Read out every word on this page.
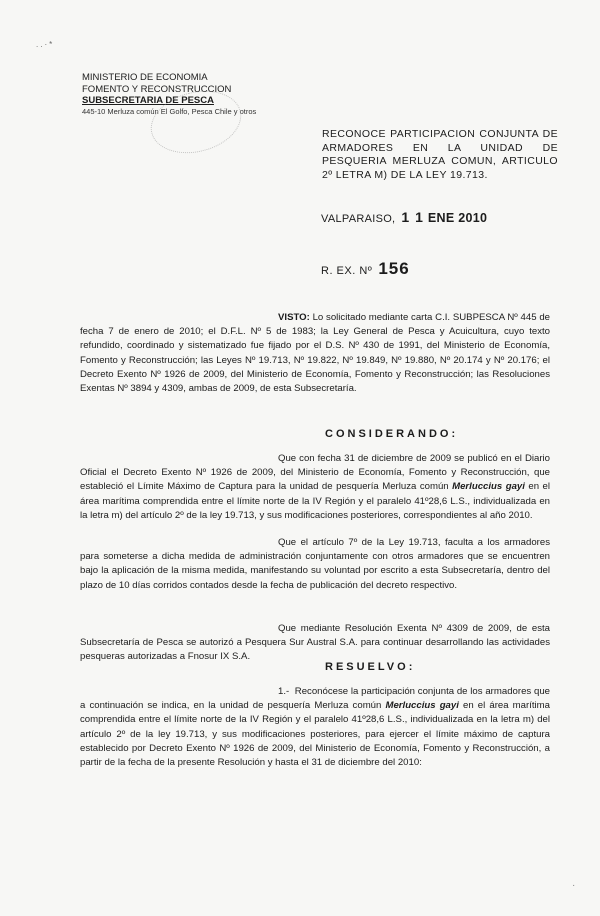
..·*
MINISTERIO DE ECONOMIA
FOMENTO Y RECONSTRUCCION
SUBSECRETARIA DE PESCA
445-10 Merluza común El Golfo, Pesca Chile y otros
RECONOCE PARTICIPACION CONJUNTA DE ARMADORES EN LA UNIDAD DE PESQUERIA MERLUZA COMUN, ARTICULO 2º LETRA M) DE LA LEY 19.713.
VALPARAISO, 1 1 ENE 2010
R. EX. Nº 156
VISTO: Lo solicitado mediante carta C.I. SUBPESCA Nº 445 de fecha 7 de enero de 2010; el D.F.L. Nº 5 de 1983; la Ley General de Pesca y Acuicultura, cuyo texto refundido, coordinado y sistematizado fue fijado por el D.S. Nº 430 de 1991, del Ministerio de Economía, Fomento y Reconstrucción; las Leyes Nº 19.713, Nº 19.822, Nº 19.849, Nº 19.880, Nº 20.174 y Nº 20.176; el Decreto Exento Nº 1926 de 2009, del Ministerio de Economía, Fomento y Reconstrucción; las Resoluciones Exentas Nº 3894 y 4309, ambas de 2009, de esta Subsecretaría.
CONSIDERANDO:
Que con fecha 31 de diciembre de 2009 se publicó en el Diario Oficial el Decreto Exento Nº 1926 de 2009, del Ministerio de Economía, Fomento y Reconstrucción, que estableció el Límite Máximo de Captura para la unidad de pesquería Merluza común Merluccius gayi en el área marítima comprendida entre el límite norte de la IV Región y el paralelo 41º28,6 L.S., individualizada en la letra m) del artículo 2º de la ley 19.713, y sus modificaciones posteriores, correspondientes al año 2010.
Que el artículo 7º de la Ley 19.713, faculta a los armadores para someterse a dicha medida de administración conjuntamente con otros armadores que se encuentren bajo la aplicación de la misma medida, manifestando su voluntad por escrito a esta Subsecretaría, dentro del plazo de 10 días corridos contados desde la fecha de publicación del decreto respectivo.
Que mediante Resolución Exenta Nº 4309 de 2009, de esta Subsecretaría de Pesca se autorizó a Pesquera Sur Austral S.A. para continuar desarrollando las actividades pesqueras autorizadas a Fnosur IX S.A.
RESUELVO:
1.- Reconócese la participación conjunta de los armadores que a continuación se indica, en la unidad de pesquería Merluza común Merluccius gayi en el área marítima comprendida entre el límite norte de la IV Región y el paralelo 41º28,6 L.S., individualizada en la letra m) del artículo 2º de la ley 19.713, y sus modificaciones posteriores, para ejercer el límite máximo de captura establecido por Decreto Exento Nº 1926 de 2009, del Ministerio de Economía, Fomento y Reconstrucción, a partir de la fecha de la presente Resolución y hasta el 31 de diciembre del 2010:
·
